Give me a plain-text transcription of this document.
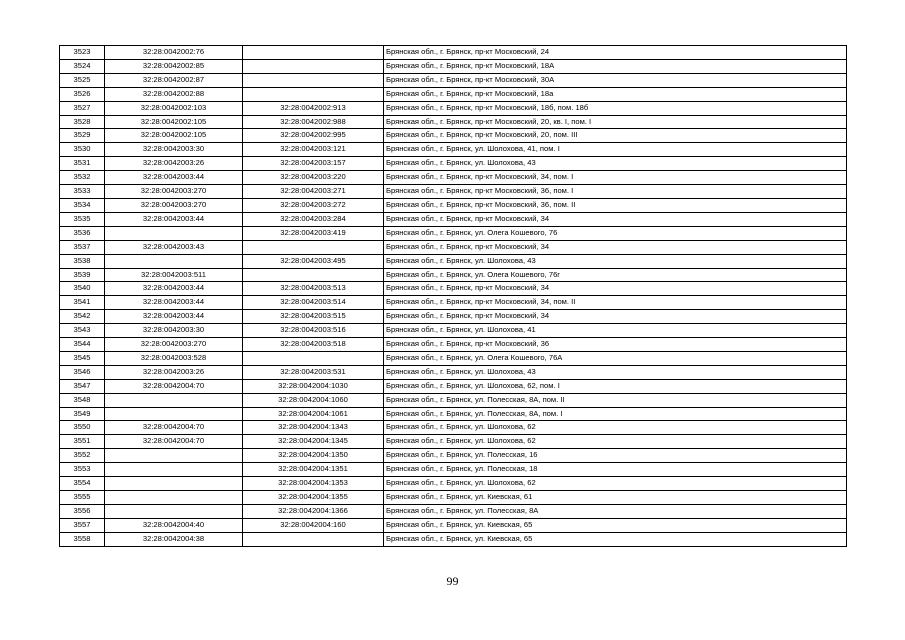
3523	32:28:0042002:76		Брянская обл., г. Брянск, пр-кт Московский, 24
3524	32:28:0042002:85		Брянская обл., г. Брянск, пр-кт Московский, 18А
3525	32:28:0042002:87		Брянская обл., г. Брянск, пр-кт Московский, 30А
3526	32:28:0042002:88		Брянская обл., г. Брянск, пр-кт Московский, 18а
3527	32:28:0042002:103	32:28:0042002:913	Брянская обл., г. Брянск, пр-кт Московский, 18б, пом. 18б
3528	32:28:0042002:105	32:28:0042002:988	Брянская обл., г. Брянск, пр-кт Московский, 20, кв. I, пом. I
3529	32:28:0042002:105	32:28:0042002:995	Брянская обл., г. Брянск, пр-кт Московский, 20, пом. III
3530	32:28:0042003:30	32:28:0042003:121	Брянская обл., г. Брянск, ул. Шолохова, 41, пом. I
3531	32:28:0042003:26	32:28:0042003:157	Брянская обл., г. Брянск, ул. Шолохова, 43
3532	32:28:0042003:44	32:28:0042003:220	Брянская обл., г. Брянск, пр-кт Московский, 34, пом. I
3533	32:28:0042003:270	32:28:0042003:271	Брянская обл., г. Брянск, пр-кт Московский, 36, пом. I
3534	32:28:0042003:270	32:28:0042003:272	Брянская обл., г. Брянск, пр-кт Московский, 36, пом. II
3535	32:28:0042003:44	32:28:0042003:284	Брянская обл., г. Брянск, пр-кт Московский, 34
3536		32:28:0042003:419	Брянская обл., г. Брянск, ул. Олега Кошевого, 76
3537	32:28:0042003:43		Брянская обл., г. Брянск, пр-кт Московский, 34
3538		32:28:0042003:495	Брянская обл., г. Брянск, ул. Шолохова, 43
3539	32:28:0042003:511		Брянская обл., г. Брянск, ул. Олега Кошевого, 76г
3540	32:28:0042003:44	32:28:0042003:513	Брянская обл., г. Брянск, пр-кт Московский, 34
3541	32:28:0042003:44	32:28:0042003:514	Брянская обл., г. Брянск, пр-кт Московский, 34, пом. II
3542	32:28:0042003:44	32:28:0042003:515	Брянская обл., г. Брянск, пр-кт Московский, 34
3543	32:28:0042003:30	32:28:0042003:516	Брянская обл., г. Брянск, ул. Шолохова, 41
3544	32:28:0042003:270	32:28:0042003:518	Брянская обл., г. Брянск, пр-кт Московский, 36
3545	32:28:0042003:528		Брянская обл., г. Брянск, ул. Олега Кошевого, 76А
3546	32:28:0042003:26	32:28:0042003:531	Брянская обл., г. Брянск, ул. Шолохова, 43
3547	32:28:0042004:70	32:28:0042004:1030	Брянская обл., г. Брянск, ул. Шолохова, 62, пом. I
3548		32:28:0042004:1060	Брянская обл., г. Брянск, ул. Полесская, 8А, пом. II
3549		32:28:0042004:1061	Брянская обл., г. Брянск, ул. Полесская, 8А, пом. I
3550	32:28:0042004:70	32:28:0042004:1343	Брянская обл., г. Брянск, ул. Шолохова, 62
3551	32:28:0042004:70	32:28:0042004:1345	Брянская обл., г. Брянск, ул. Шолохова, 62
3552		32:28:0042004:1350	Брянская обл., г. Брянск, ул. Полесская, 16
3553		32:28:0042004:1351	Брянская обл., г. Брянск, ул. Полесская, 18
3554		32:28:0042004:1353	Брянская обл., г. Брянск, ул. Шолохова, 62
3555		32:28:0042004:1355	Брянская обл., г. Брянск, ул. Киевская, 61
3556		32:28:0042004:1366	Брянская обл., г. Брянск, ул. Полесская, 8А
3557	32:28:0042004:40	32:28:0042004:160	Брянская обл., г. Брянск, ул. Киевская, 65
3558	32:28:0042004:38		Брянская обл., г. Брянск, ул. Киевская, 65
99
